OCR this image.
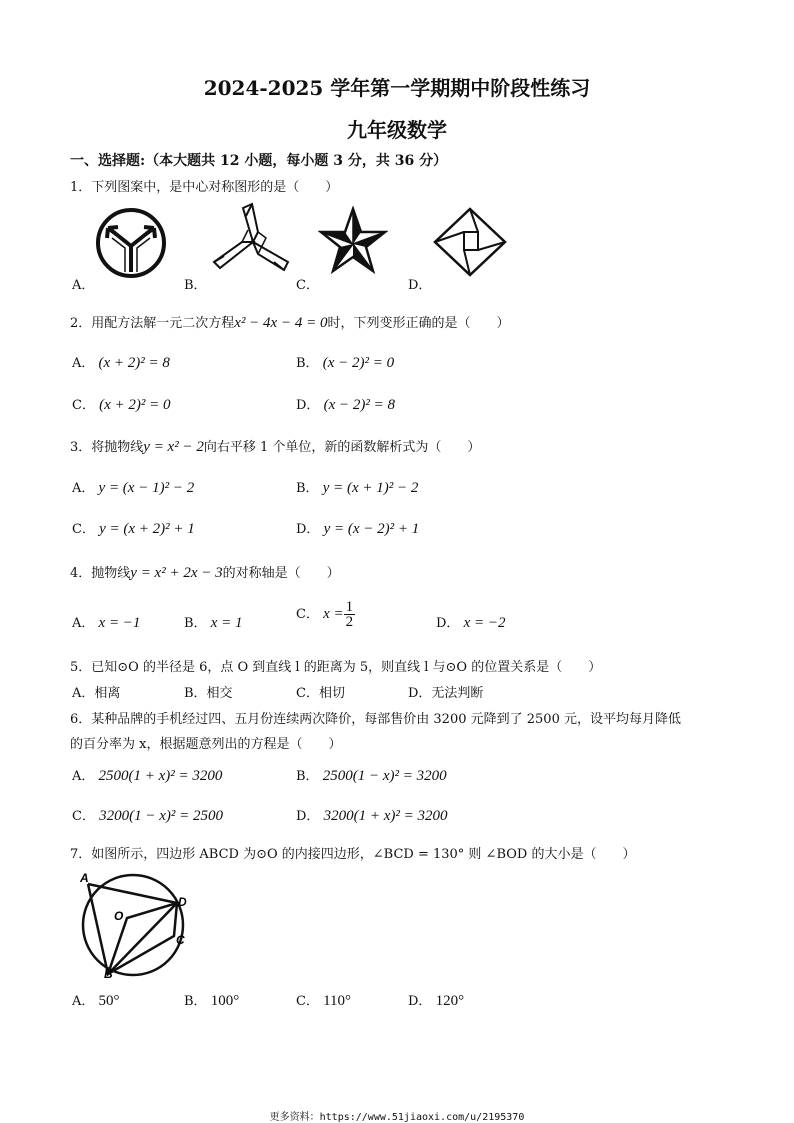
2024-2025 学年第一学期期中阶段性练习
九年级数学
一、选择题:（本大题共 12 小题，每小题 3 分，共 36 分）
1．下列图案中，是中心对称图形的是（　　）
A．	B．	C．	D．
2．用配方法解一元二次方程x² − 4x − 4 = 0时，下列变形正确的是（　　）
A． (x + 2)² = 8	B． (x − 2)² = 0
C． (x + 2)² = 0	D． (x − 2)² = 8
3．将抛物线y = x² − 2向右平移 1 个单位，新的函数解析式为（　　）
A． y = (x − 1)² − 2	B． y = (x + 1)² − 2
C． y = (x + 2)² + 1	D． y = (x − 2)² + 1
4．抛物线y = x² + 2x − 3的对称轴是（　　）
A． x = −1	B． x = 1
C． $x = \frac{1}{2}$	D． x = −2
5．已知⊙O 的半径是 6，点 O 到直线 l 的距离为 5，则直线 l 与⊙O 的位置关系是（　　）
A．相离	B．相交	C．相切	D．无法判断
6．某种品牌的手机经过四、五月份连续两次降价，每部售价由 3200 元降到了 2500 元，设平均每月降低
的百分率为 x，根据题意列出的方程是（　　）
A． 2500(1 + x)² = 3200	B． 2500(1 − x)² = 3200
C． 3200(1 − x)² = 2500	D． 3200(1 + x)² = 3200
7．如图所示，四边形 ABCD 为⊙O 的内接四边形，∠BCD = 130° 则 ∠BOD 的大小是（　　）
A
B
C
D
O
A． 50°	B． 100°	C． 110°	D． 120°
更多资料：https://www.51jiaoxi.com/u/2195370
